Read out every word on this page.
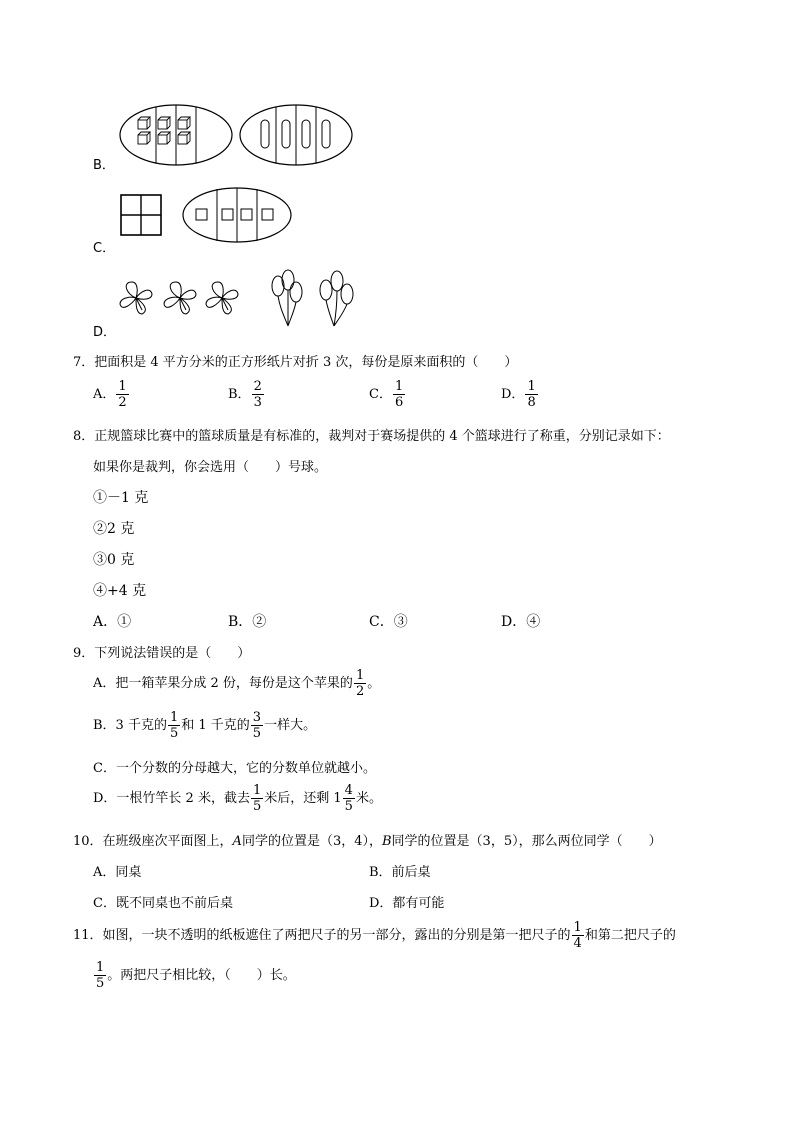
B．
C．
D．
7．把面积是 4 平方分米的正方形纸片对折 3 次，每份是原来面积的（　　）
A． $\frac{1}{2}$	B． $\frac{2}{3}$	C． $\frac{1}{6}$	D． $\frac{1}{8}$
8．正规篮球比赛中的篮球质量是有标准的，裁判对于赛场提供的 4 个篮球进行了称重，分别记录如下：
如果你是裁判，你会选用（　　）号球。
①－1 克
②2 克
③0 克
④+4 克
A．①	B．②	C．③	D．④
9．下列说法错误的是（　　）
A．把一箱苹果分成 2 份，每份是这个苹果的 $\frac{1}{2}$ 。
B．3 千克的 $\frac{1}{5}$ 和 1 千克的 $\frac{3}{5}$ 一样大。
C．一个分数的分母越大，它的分数单位就越小。
D．一根竹竿长 2 米，截去 $\frac{1}{5}$ 米后，还剩 $1 \frac{4}{5}$ 米。
10．在班级座次平面图上，A同学的位置是（3，4），B同学的位置是（3，5），那么两位同学（　　）
A．同桌	B．前后桌
C．既不同桌也不前后桌	D．都有可能
11．如图，一块不透明的纸板遮住了两把尺子的另一部分，露出的分别是第一把尺子的 $\frac{1}{4}$ 和第二把尺子的
$\frac{1}{5}$ 。两把尺子相比较，（　　）长。
